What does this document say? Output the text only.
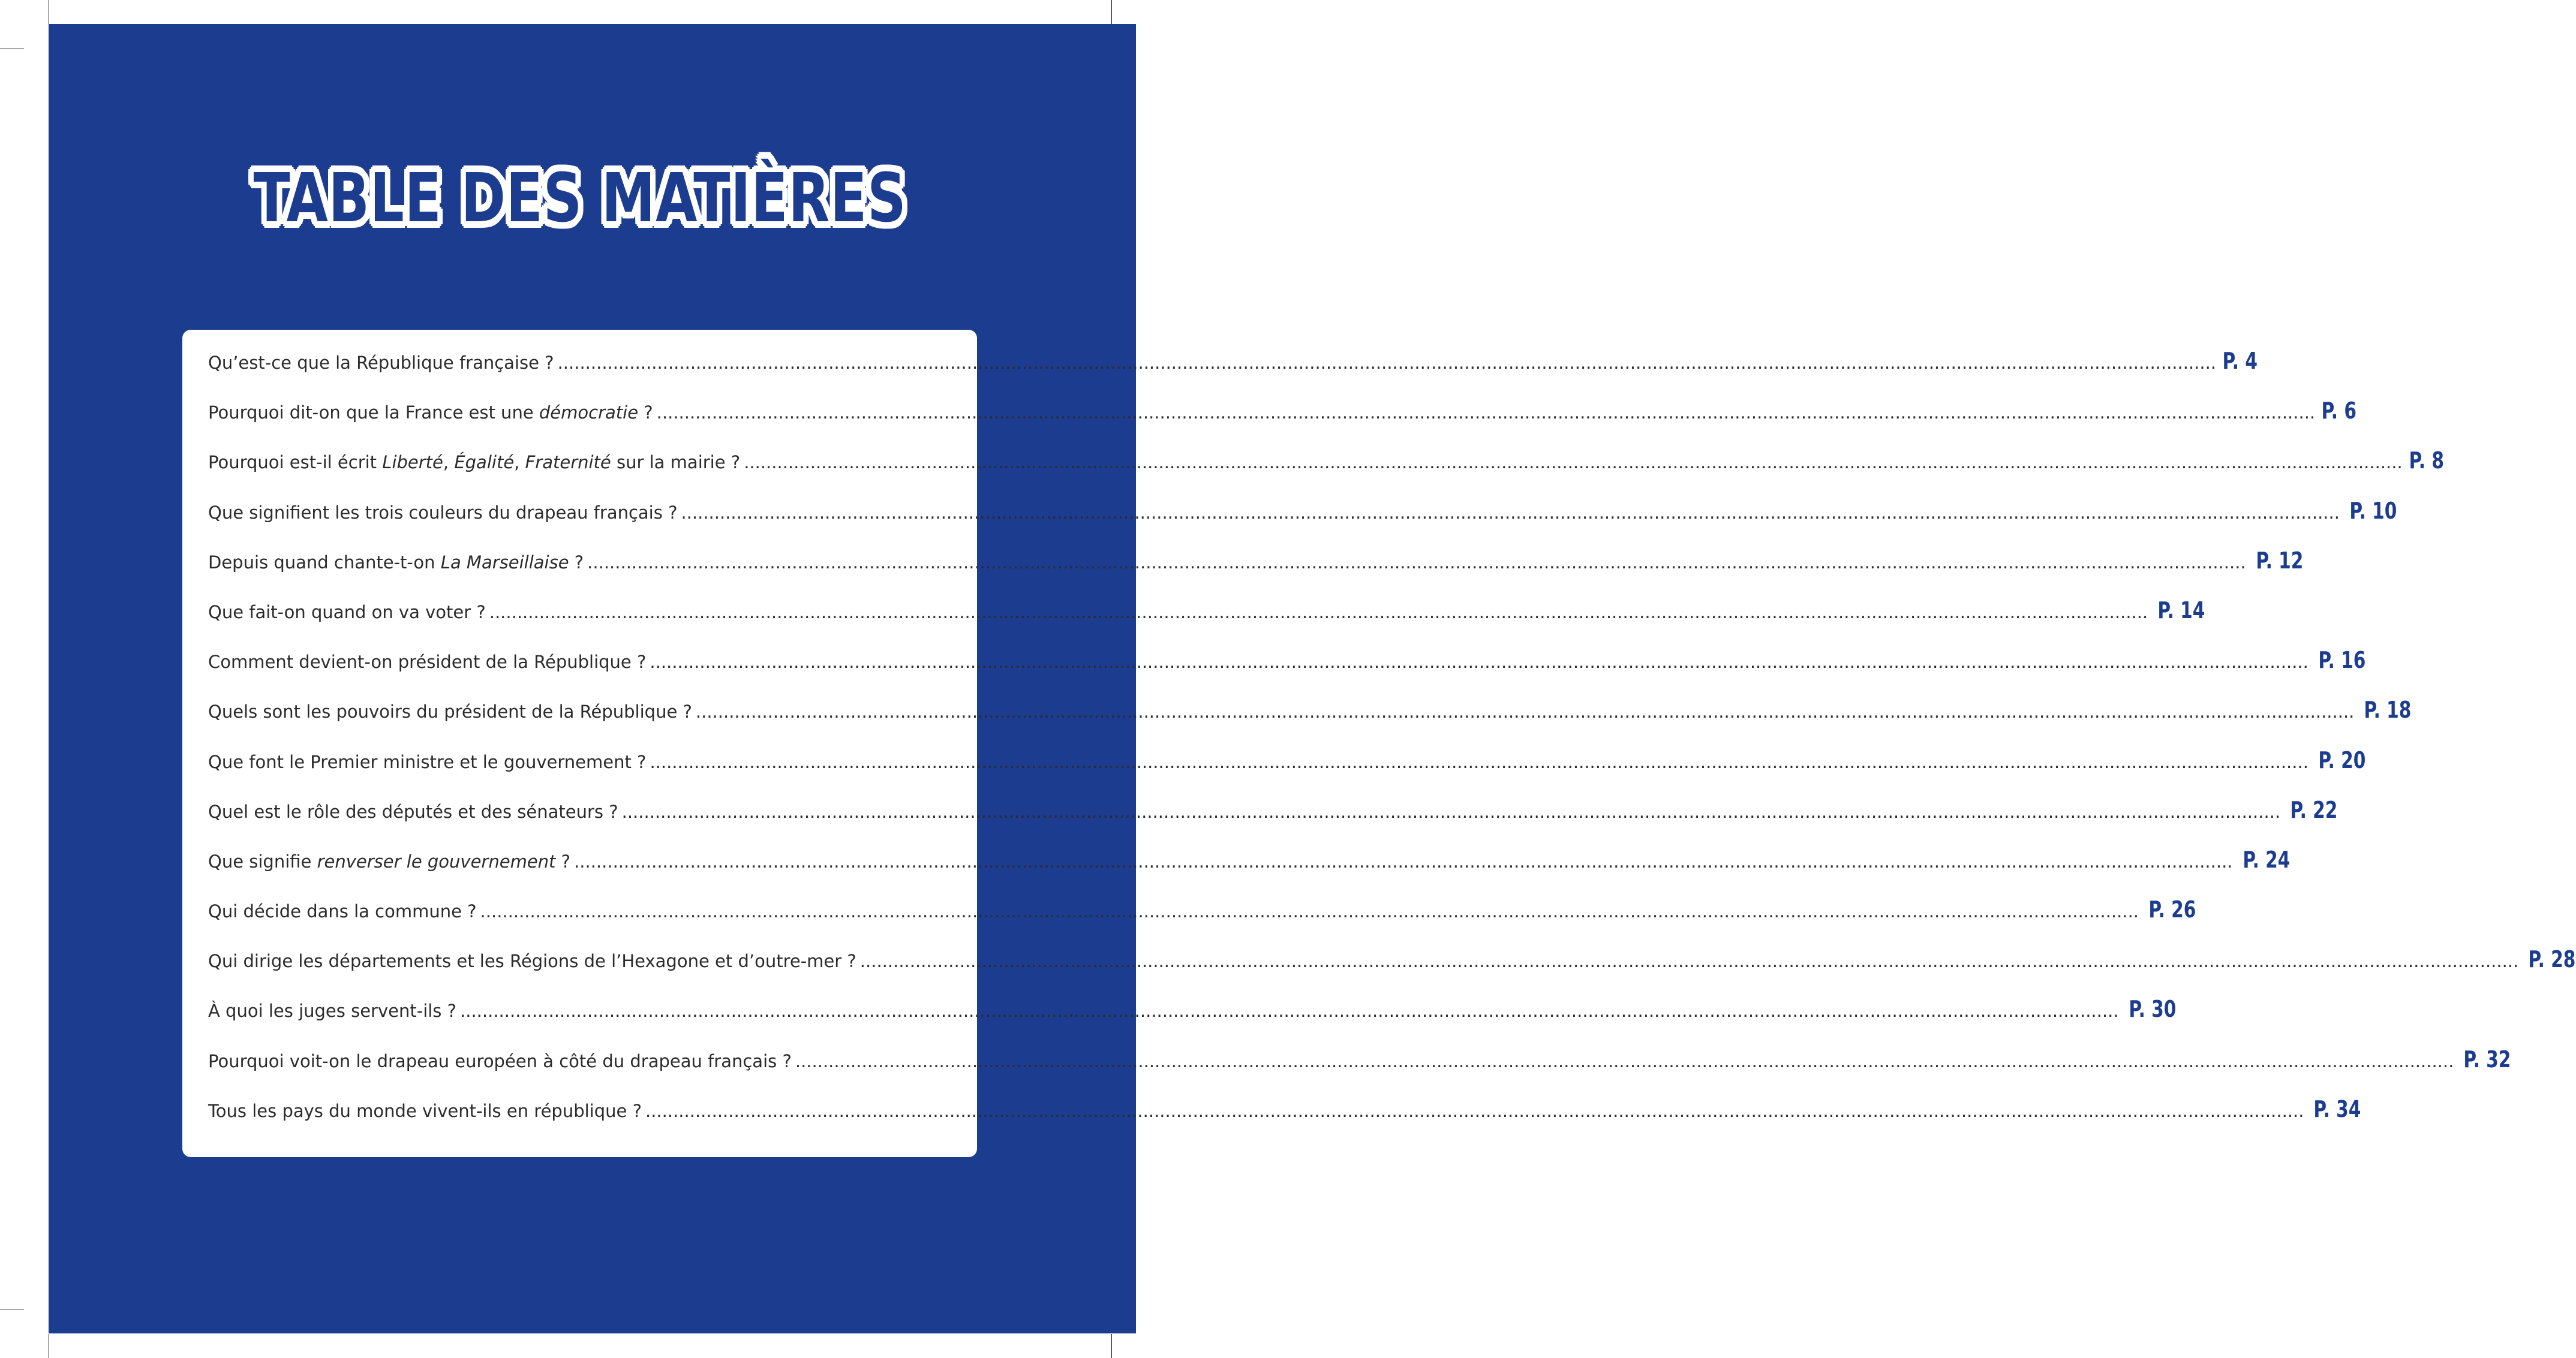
TABLE DES MATIÈRES
Qu’est-ce que la République française ? ............................................................................................................................................................................................................................................................................................................ P. 4
Pourquoi dit-on que la France est une démocratie ? ............................................................................................................................................................................................................................................................................................................ P. 6
Pourquoi est-il écrit Liberté, Égalité, Fraternité sur la mairie ? ............................................................................................................................................................................................................................................................................................................ P. 8
Que signifient les trois couleurs du drapeau français ? ............................................................................................................................................................................................................................................................................................................ P. 10
Depuis quand chante-t-on La Marseillaise ? ............................................................................................................................................................................................................................................................................................................ P. 12
Que fait-on quand on va voter ? ............................................................................................................................................................................................................................................................................................................ P. 14
Comment devient-on président de la République ? ............................................................................................................................................................................................................................................................................................................ P. 16
Quels sont les pouvoirs du président de la République ? ............................................................................................................................................................................................................................................................................................................ P. 18
Que font le Premier ministre et le gouvernement ? ............................................................................................................................................................................................................................................................................................................ P. 20
Quel est le rôle des députés et des sénateurs ? ............................................................................................................................................................................................................................................................................................................ P. 22
Que signifie renverser le gouvernement ? ............................................................................................................................................................................................................................................................................................................ P. 24
Qui décide dans la commune ? ............................................................................................................................................................................................................................................................................................................ P. 26
Qui dirige les départements et les Régions de l’Hexagone et d’outre-mer ? ............................................................................................................................................................................................................................................................................................................ P. 28
À quoi les juges servent-ils ? ............................................................................................................................................................................................................................................................................................................ P. 30
Pourquoi voit-on le drapeau européen à côté du drapeau français ? ............................................................................................................................................................................................................................................................................................................ P. 32
Tous les pays du monde vivent-ils en république ? ............................................................................................................................................................................................................................................................................................................ P. 34
